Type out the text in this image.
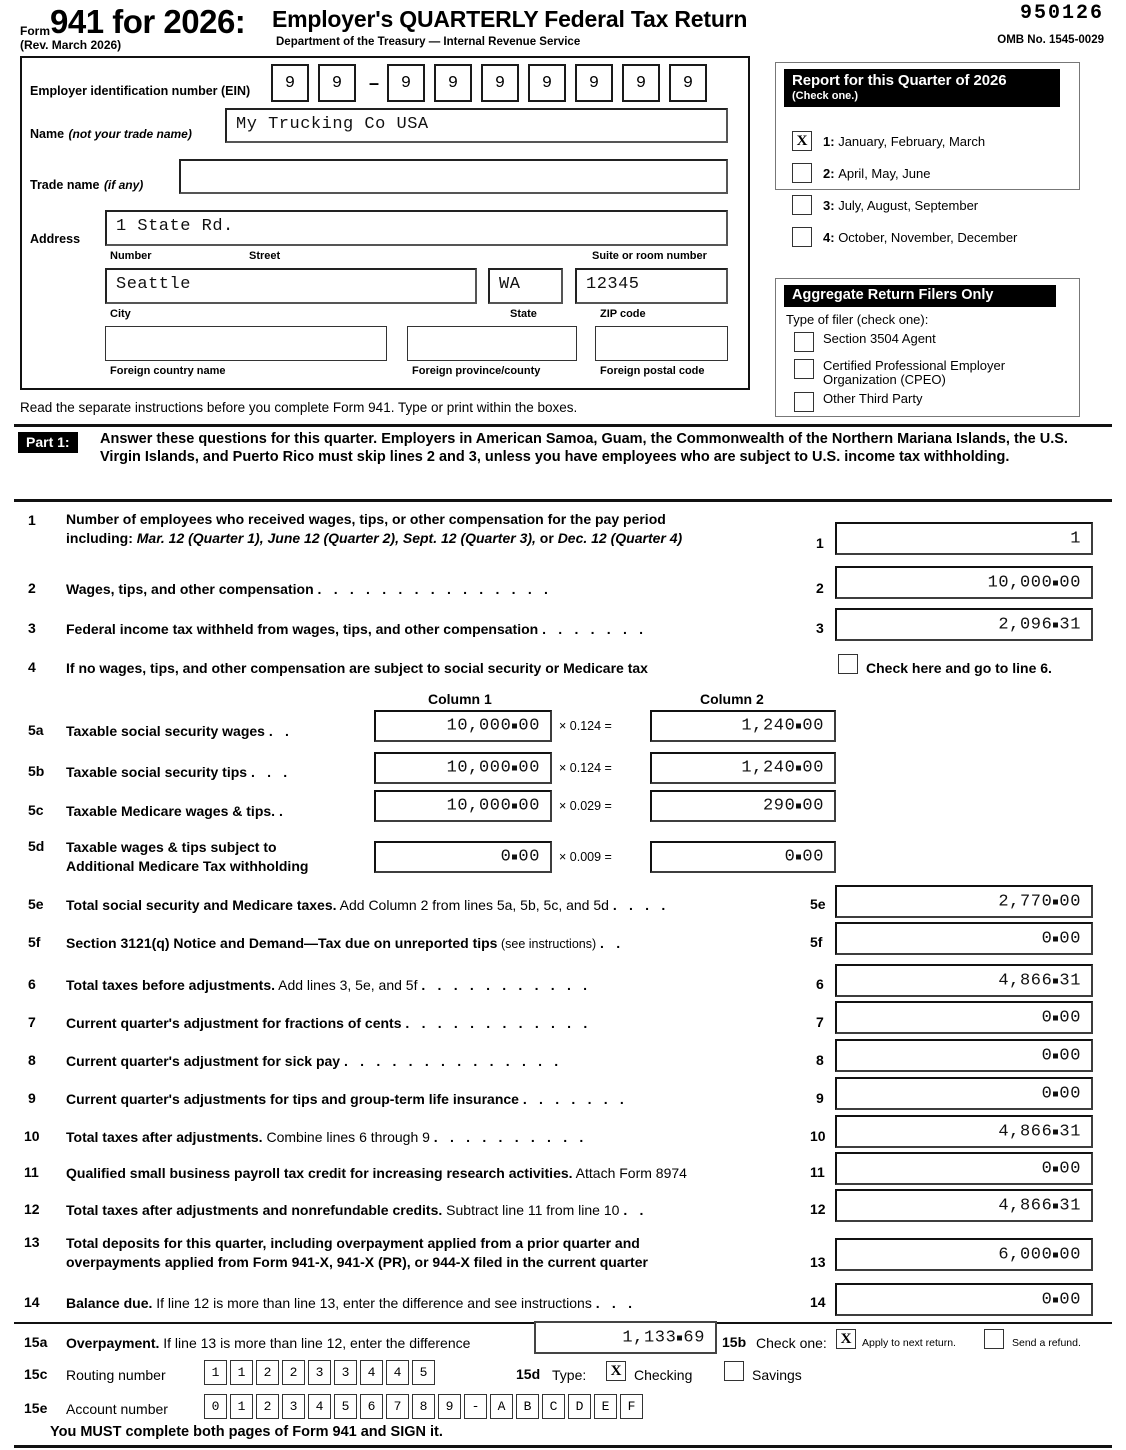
Form 941 for 2026:
(Rev. March 2026)
Employer's QUARTERLY Federal Tax Return
Department of the Treasury — Internal Revenue Service
950126
OMB No. 1545-0029
Employer identification number (EIN)	9	9	–	9	9	9	9	9	9	9
Name (not your trade name)	My Trucking Co USA
Trade name (if any)
Address
1 State Rd.
Number	Street	Suite or room number
Seattle	WA	12345
City	State	ZIP code
Foreign country name	Foreign province/county	Foreign postal code
Report for this Quarter of 2026
(Check one.)
X	1: January, February, March
2: April, May, June
3: July, August, September
4: October, November, December
Aggregate Return Filers Only
Type of filer (check one):
Section 3504 Agent
Certified Professional Employer Organization (CPEO)
Other Third Party
Read the separate instructions before you complete Form 941. Type or print within the boxes.
Part 1:	Answer these questions for this quarter. Employers in American Samoa, Guam, the Commonwealth of the Northern Mariana Islands, the U.S. Virgin Islands, and Puerto Rico must skip lines 2 and 3, unless you have employees who are subject to U.S. income tax withholding.
1 Number of employees who received wages, tips, or other compensation for the pay period
including: Mar. 12 (Quarter 1), June 12 (Quarter 2), Sept. 12 (Quarter 3), or Dec. 12 (Quarter 4)	1	1
2 Wages, tips, and other compensation . . . . . . . . . . . . . . .	2	10,000 00
3 Federal income tax withheld from wages, tips, and other compensation . . . . . . .	3	2,096 31
4 If no wages, tips, and other compensation are subject to social security or Medicare tax	Check here and go to line 6.
Column 1	Column 2
5a Taxable social security wages . .	10,000 00 × 0.124 =	1,240 00
5b Taxable social security tips . . .	10,000 00 × 0.124 =	1,240 00
5c Taxable Medicare wages & tips. .	10,000 00 × 0.029 =	290 00
5d Taxable wages & tips subject to
Additional Medicare Tax withholding	0 00 × 0.009 =	0 00
5e Total social security and Medicare taxes. Add Column 2 from lines 5a, 5b, 5c, and 5d . . . .	5e	2,770 00
5f Section 3121(q) Notice and Demand—Tax due on unreported tips (see instructions) . .	5f	0 00
6 Total taxes before adjustments. Add lines 3, 5e, and 5f . . . . . . . . . . .	6	4,866 31
7 Current quarter's adjustment for fractions of cents . . . . . . . . . . . .	7	0 00
8 Current quarter's adjustment for sick pay . . . . . . . . . . . . . .	8	0 00
9 Current quarter's adjustments for tips and group-term life insurance . . . . . . .	9	0 00
10 Total taxes after adjustments. Combine lines 6 through 9 . . . . . . . . . .	10	4,866 31
11 Qualified small business payroll tax credit for increasing research activities. Attach Form 8974	11	0 00
12 Total taxes after adjustments and nonrefundable credits. Subtract line 11 from line 10 . .	12	4,866 31
13 Total deposits for this quarter, including overpayment applied from a prior quarter and
overpayments applied from Form 941-X, 941-X (PR), or 944-X filed in the current quarter	13	6,000 00
14 Balance due. If line 12 is more than line 13, enter the difference and see instructions . . .	14	0 00
15a Overpayment. If line 13 is more than line 12, enter the difference	1,133 69 15b Check one: X	Apply to next return.	Send a refund.
15c Routing number	1	1	2	2	3	3	4	4	5	15d Type:	X Checking	Savings
15e Account number	0	1	2	3	4	5	6	7	8	9	-	A	B	C	D	E	F
You MUST complete both pages of Form 941 and SIGN it.
